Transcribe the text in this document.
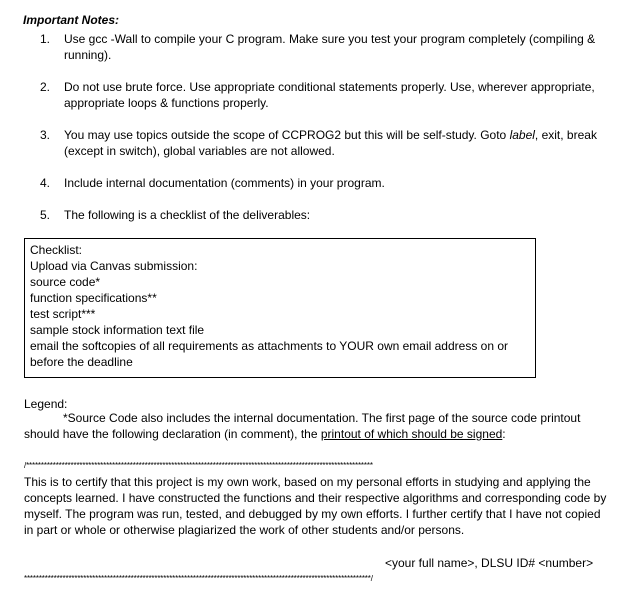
Important Notes:
1.	Use gcc -Wall to compile your C program. Make sure you test your program completely (compiling &
running).
2.	Do not use brute force. Use appropriate conditional statements properly. Use, wherever appropriate,
appropriate loops & functions properly.
3.	You may use topics outside the scope of CCPROG2 but this will be self-study. Goto label, exit, break
(except in switch), global variables are not allowed.
4.	Include internal documentation (comments) in your program.
5.	The following is a checklist of the deliverables:
Checklist:
Upload via Canvas submission:
source code*
function specifications**
test script***
sample stock information text file
email the softcopies of all requirements as attachments to YOUR own email address on or
before the deadline
Legend:
*Source Code also includes the internal documentation. The first page of the source code printout
should have the following declaration (in comment), the printout of which should be signed:
/*********************************************************************************************************************
This is to certify that this project is my own work, based on my personal efforts in studying and applying the
concepts learned. I have constructed the functions and their respective algorithms and corresponding code by
myself. The program was run, tested, and debugged by my own efforts. I further certify that I have not copied
in part or whole or otherwise plagiarized the work of other students and/or persons.
<your full name>, DLSU ID# <number>
*********************************************************************************************************************/
